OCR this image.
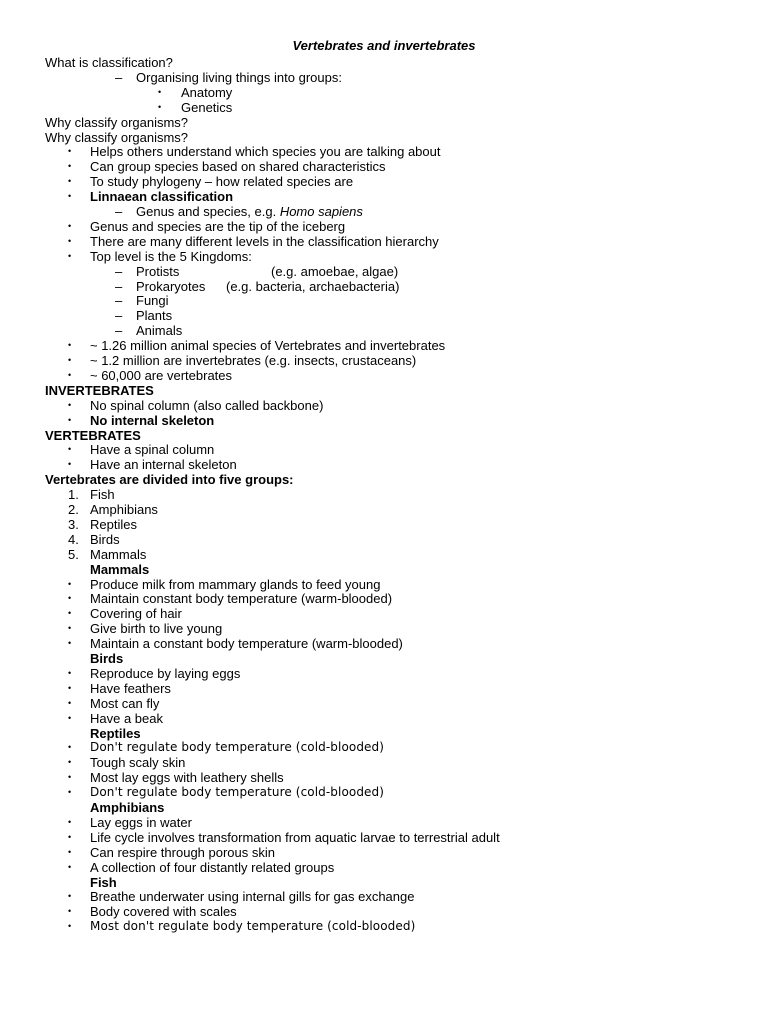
Vertebrates and invertebrates
What is classification?
– Organising living things into groups:
• Anatomy
• Genetics
Why classify organisms?
Why classify organisms?
• Helps others understand which species you are talking about
• Can group species based on shared characteristics
• To study phylogeny – how related species are
• Linnaean classification
– Genus and species, e.g. Homo sapiens
• Genus and species are the tip of the iceberg
• There are many different levels in the classification hierarchy
• Top level is the 5 Kingdoms:
– Protists	(e.g. amoebae, algae)
– Prokaryotes (e.g. bacteria, archaebacteria)
– Fungi
– Plants
– Animals
• ~ 1.26 million animal species of Vertebrates and invertebrates
• ~ 1.2 million are invertebrates (e.g. insects, crustaceans)
• ~ 60,000 are vertebrates
INVERTEBRATES
• No spinal column (also called backbone)
• No internal skeleton
VERTEBRATES
• Have a spinal column
• Have an internal skeleton
Vertebrates are divided into five groups:
1. Fish
2. Amphibians
3. Reptiles
4. Birds
5. Mammals
Mammals
• Produce milk from mammary glands to feed young
• Maintain constant body temperature (warm-blooded)
• Covering of hair
• Give birth to live young
• Maintain a constant body temperature (warm-blooded)
Birds
• Reproduce by laying eggs
• Have feathers
• Most can fly
• Have a beak
Reptiles
• Don't regulate body temperature (cold-blooded)
• Tough scaly skin
• Most lay eggs with leathery shells
• Don't regulate body temperature (cold-blooded)
Amphibians
• Lay eggs in water
• Life cycle involves transformation from aquatic larvae to terrestrial adult
• Can respire through porous skin
• A collection of four distantly related groups
Fish
• Breathe underwater using internal gills for gas exchange
• Body covered with scales
• Most don't regulate body temperature (cold-blooded)
